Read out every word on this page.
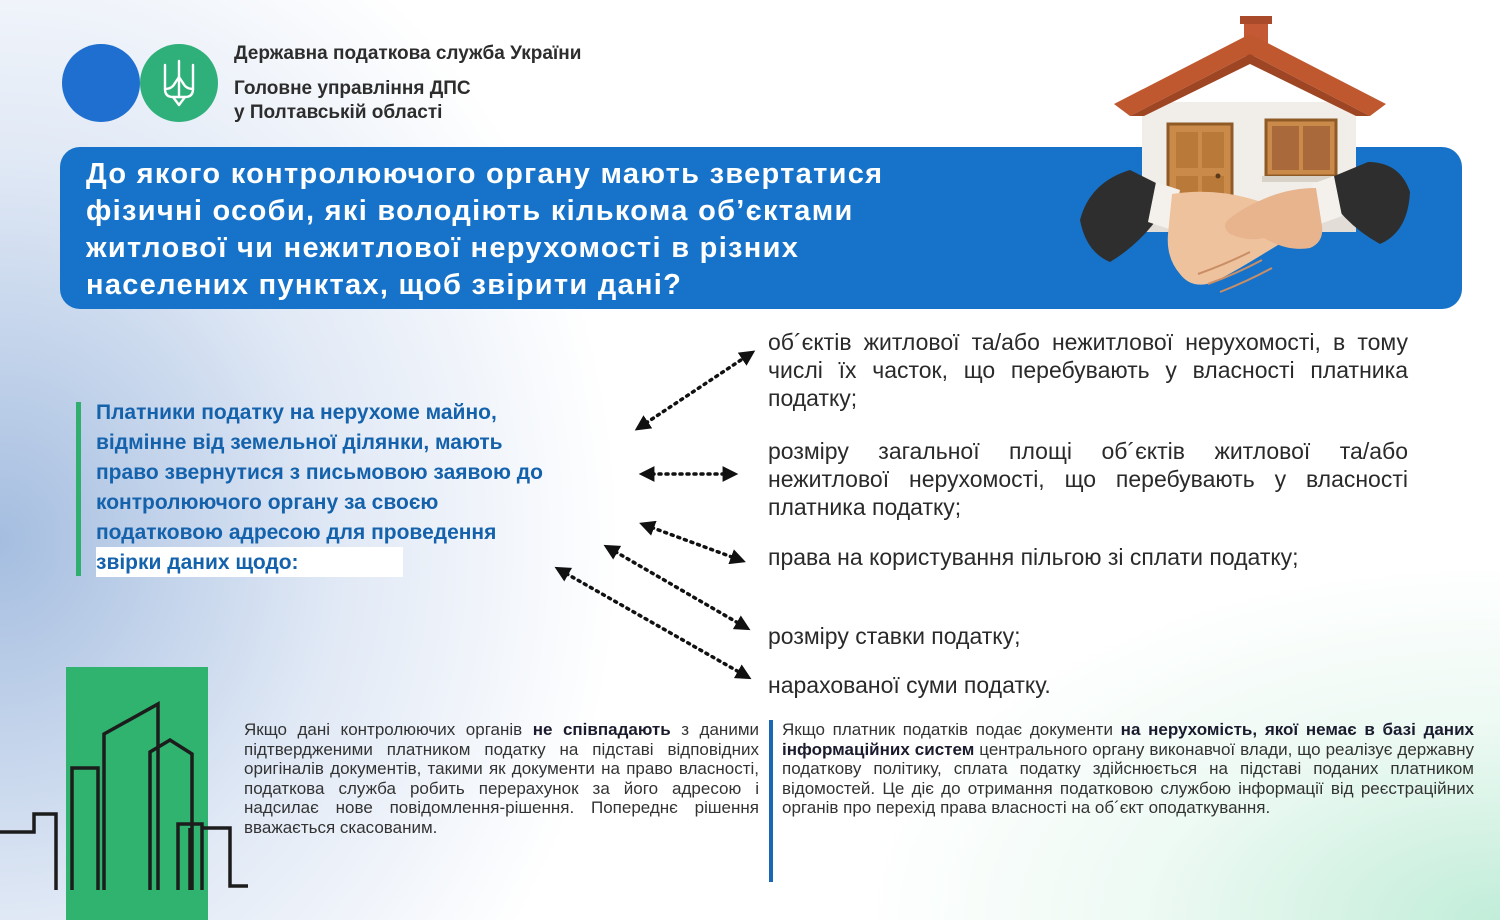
Державна податкова служба України
Головне управління ДПС
у Полтавській області

До якого контролюючого органу мають звертатися
фізичні особи, які володіють кількома об’єктами
житлової чи нежитлової нерухомості в різних
населених пунктах, щоб звірити дані?

Платники податку на нерухоме майно,
відмінне від земельної ділянки, мають
право звернутися з письмовою заявою до
контролюючого органу за своєю
податковою адресою для проведення
звірки даних щодо:

об´єктів житлової та/або нежитлової нерухомості, в тому числі їх часток, що перебувають у власності платника податку;

розміру загальної площі об´єктів житлової та/або нежитлової нерухомості, що перебувають у власності платника податку;

права на користування пільгою зі сплати податку;

розміру ставки податку;

нарахованої суми податку.

Якщо дані контролюючих органів не співпадають з даними підтвердженими платником податку на підставі відповідних оригіналів документів, такими як документи на право власності, податкова служба робить перерахунок за його адресою і надсилає нове повідомлення-рішення. Попереднє рішення вважається скасованим.

Якщо платник податків подає документи на нерухомість, якої немає в базі даних інформаційних систем центрального органу виконавчої влади, що реалізує державну податкову політику, сплата податку здійснюється на підставі поданих платником відомостей. Це діє до отримання податковою службою інформації від реєстраційних органів про перехід права власності на об´єкт оподаткування.
